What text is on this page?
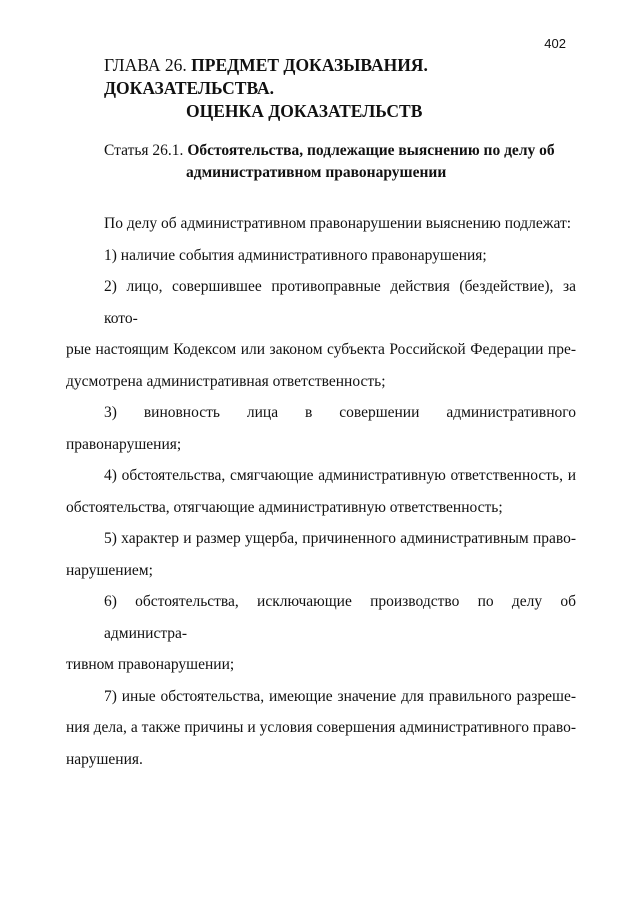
402
ГЛАВА 26. ПРЕДМЕТ ДОКАЗЫВАНИЯ. ДОКАЗАТЕЛЬСТВА.
ОЦЕНКА ДОКАЗАТЕЛЬСТВ
Статья 26.1. Обстоятельства, подлежащие выяснению по делу об
административном правонарушении

По делу об административном правонарушении выяснению подлежат:

1) наличие события административного правонарушения;

2) лицо, совершившее противоправные действия (бездействие), за кото-
рые настоящим Кодексом или законом субъекта Российской Федерации пре-
дусмотрена административная ответственность;

3) виновность лица в совершении административного правонарушения;

4) обстоятельства, смягчающие административную ответственность, и
обстоятельства, отягчающие административную ответственность;

5) характер и размер ущерба, причиненного административным право-
нарушением;

6) обстоятельства, исключающие производство по делу об администра-
тивном правонарушении;

7) иные обстоятельства, имеющие значение для правильного разреше-
ния дела, а также причины и условия совершения административного право-
нарушения.
